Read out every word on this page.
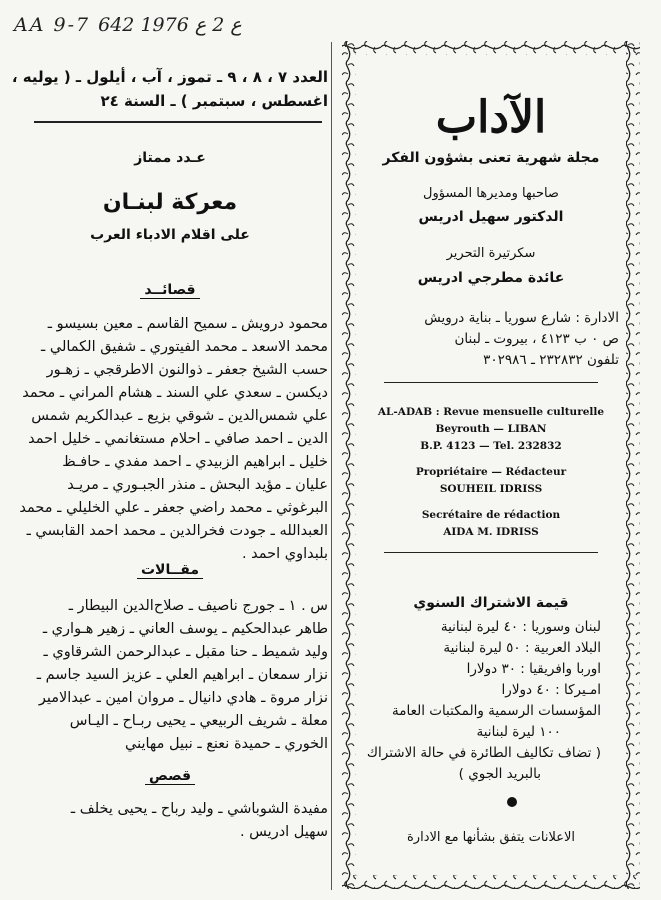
AA 9-7 ع 2 ع 1976 642
العدد ٧ ، ٨ ، ٩ ـ تموز ، آب ، أيلول ـ ( يوليه ،
اغسطس ، سبتمبر ) ـ السنة ٢٤
عـدد ممتاز
معركة لبنـان
على اقلام الادباء العرب
قصائــد
محمود درويش ـ سميح القاسم ـ معين بسيسو ـ
محمد الاسعد ـ محمد الفيتوري ـ شفيق الكمالي ـ
حسب الشيخ جعفر ـ ذوالنون الاطرقجي ـ زهـور
ديكسن ـ سعدي علي السند ـ هشام المراني ـ محمد
علي شمس‌الدين ـ شوقي بزيع ـ عبدالكريم شمس
الدين ـ احمد صافي ـ احلام مستغانمي ـ خليل احمد
خليل ـ ابراهيم الزبيدي ـ احمد مفدي ـ حافـظ
عليان ـ مؤيد البحش ـ منذر الجبـوري ـ مريـد
البرغوثي ـ محمد راضي جعفر ـ علي الخليلي ـ محمد
العبدالله ـ جودت فخرالدين ـ محمد احمد القابسي ـ
بلبداوي احمد .
مقــالات
س . ١ ـ جورج ناصيف ـ صلاح‌الدين البيطار ـ
طاهر عبدالحكيم ـ يوسف العاني ـ زهير هـواري ـ
وليد شميط ـ حنا مقبل ـ عبدالرحمن الشرقاوي ـ
نزار سمعان ـ ابراهيم العلي ـ عزيز السيد جاسم ـ
نزار مروة ـ هادي دانيال ـ مروان امين ـ عبدالامير
معلة ـ شريف الربيعي ـ يحيى ربـاح ـ اليـاس
الخوري ـ حميدة نعنع ـ نبيل مهايني
قصص
مفيدة الشوباشي ـ وليد رباح ـ يحيى يخلف ـ
سهيل ادريس .
الآداب
مجلة شهرية تعنى بشؤون الفكر
صاحبها ومديرها المسؤول
الدكتور سهيل ادريس
سكرتيرة التحرير
عائدة مطرجي ادريس
الادارة : شارع سوريا ـ بناية درويش
ص ٠ ب ٤١٢٣ ، بيروت ـ لبنان
تلفون ٢٣٢٨٣٢ ـ ٣٠٢٩٨٦
AL-ADAB : Revue mensuelle culturelle
Beyrouth — LIBAN
B.P. 4123 — Tel. 232832
Propriétaire — Rédacteur
SOUHEIL IDRISS
Secrétaire de rédaction
AIDA M. IDRISS
قيمة الاشتراك السنوي
لبنان وسوريا : ٤٠ ليرة لبنانية
البلاد العربية : ٥٠ ليرة لبنانية
اوربا وافريقيا : ٣٠ دولارا
امـيركا : ٤٠ دولارا
المؤسسات الرسمية والمكتبات العامة
١٠٠ ليرة لبنانية
( تضاف تكاليف الطائرة في حالة الاشتراك
بالبريد الجوي )
الاعلانات يتفق بشأنها مع الادارة
